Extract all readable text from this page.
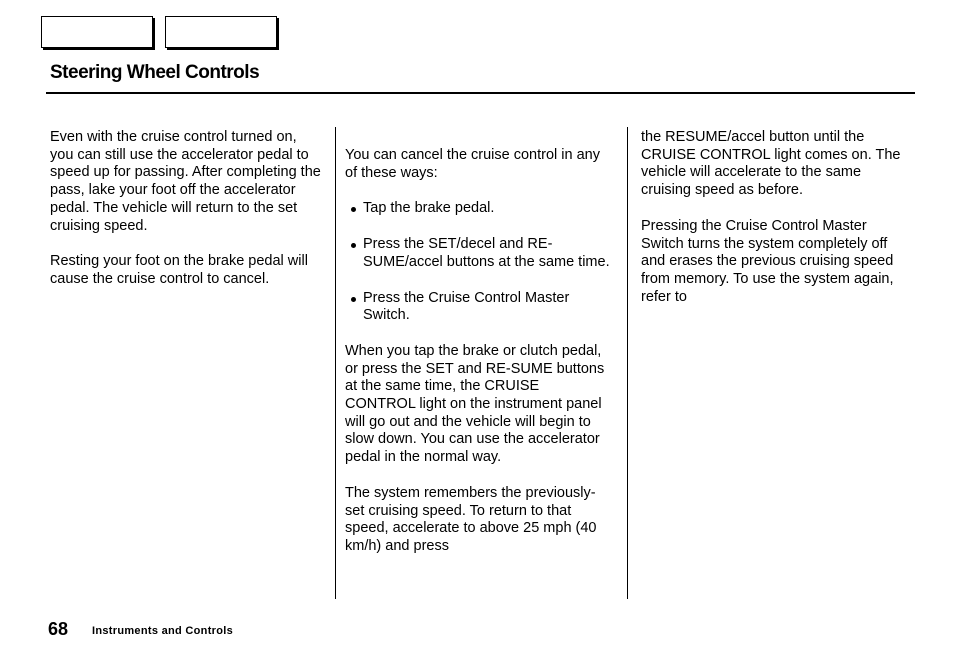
Steering Wheel Controls

Even with the cruise control turned on, you can still use the accelerator pedal to speed up for passing. After completing the pass, lake your foot off the accelerator pedal. The vehicle will return to the set cruising speed.

Resting your foot on the brake pedal will cause the cruise control to cancel.

You can cancel the cruise control in any of these ways:

Tap the brake pedal.
Press the SET/decel and RE-SUME/accel buttons at the same time.
Press the Cruise Control Master Switch.

When you tap the brake or clutch pedal, or press the SET and RE-SUME buttons at the same time, the CRUISE CONTROL light on the instrument panel will go out and the vehicle will begin to slow down. You can use the accelerator pedal in the normal way.

The system remembers the previously-set cruising speed. To return to that speed, accelerate to above 25 mph (40 km/h) and press

the RESUME/accel button until the CRUISE CONTROL light comes on. The vehicle will accelerate to the same cruising speed as before.

Pressing the Cruise Control Master Switch turns the system completely off and erases the previous cruising speed from memory. To use the system again, refer to

68 Instruments and Controls
